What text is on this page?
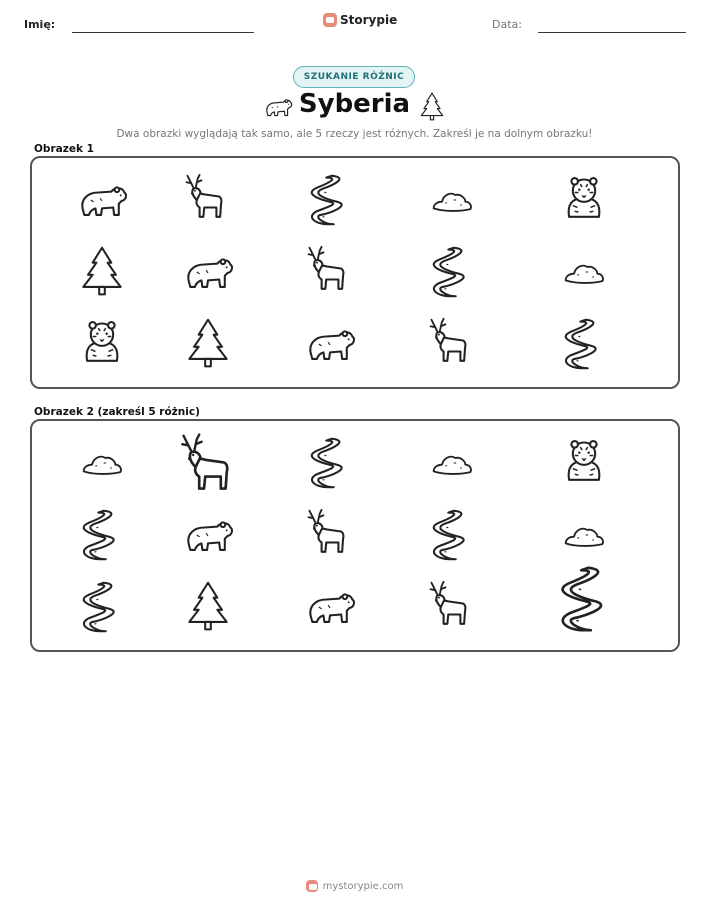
Imię:	Storypie	Data:
SZUKANIE RÓŻNIC
Syberia
Dwa obrazki wyglądają tak samo, ale 5 rzeczy jest różnych. Zakreśl je na dolnym obrazku!
Obrazek 1
Obrazek 2 (zakreśl 5 różnic)
mystorypie.com
